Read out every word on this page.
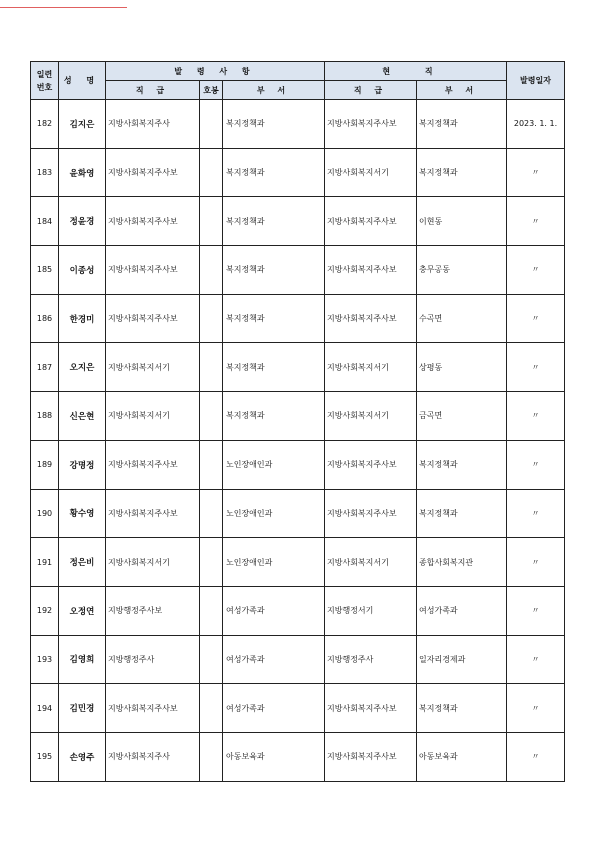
일련
번호	성 명	발 령 사 항			현 직		발령일자
		직 급	호봉	부 서	직 급	부 서	
182	김지은	지방사회복지주사		복지정책과	지방사회복지주사보	복지정책과	2023. 1. 1.
183	윤화영	지방사회복지주사보		복지정책과	지방사회복지서기	복지정책과	〃
184	정윤경	지방사회복지주사보		복지정책과	지방사회복지주사보	이현동	〃
185	이종성	지방사회복지주사보		복지정책과	지방사회복지주사보	충무공동	〃
186	한경미	지방사회복지주사보		복지정책과	지방사회복지주사보	수곡면	〃
187	오지은	지방사회복지서기		복지정책과	지방사회복지서기	상평동	〃
188	신은현	지방사회복지서기		복지정책과	지방사회복지서기	금곡면	〃
189	강명정	지방사회복지주사보		노인장애인과	지방사회복지주사보	복지정책과	〃
190	황수영	지방사회복지주사보		노인장애인과	지방사회복지주사보	복지정책과	〃
191	정은비	지방사회복지서기		노인장애인과	지방사회복지서기	종합사회복지관	〃
192	오정연	지방행정주사보		여성가족과	지방행정서기	여성가족과	〃
193	김영희	지방행정주사		여성가족과	지방행정주사	일자리경제과	〃
194	김민경	지방사회복지주사보		여성가족과	지방사회복지주사보	복지정책과	〃
195	손영주	지방사회복지주사		아동보육과	지방사회복지주사보	아동보육과	〃
